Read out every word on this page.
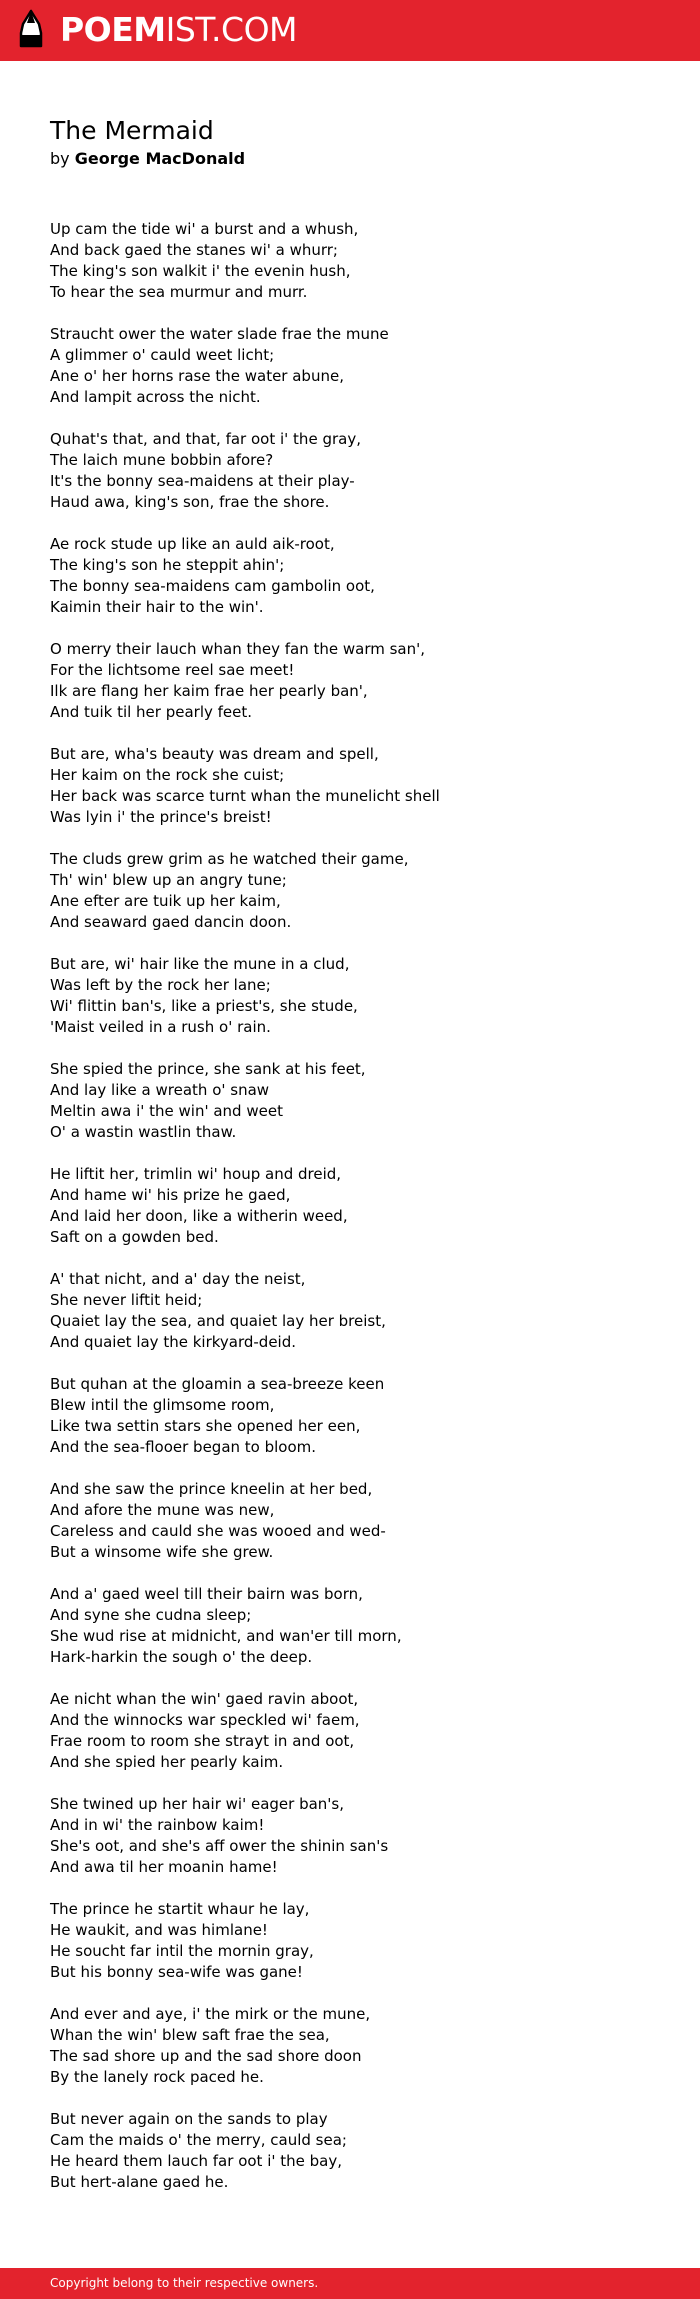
POEMIST.COM
The Mermaid
by George MacDonald
Up cam the tide wi' a burst and a whush,
And back gaed the stanes wi' a whurr;
The king's son walkit i' the evenin hush,
To hear the sea murmur and murr.
Straucht ower the water slade frae the mune
A glimmer o' cauld weet licht;
Ane o' her horns rase the water abune,
And lampit across the nicht.
Quhat's that, and that, far oot i' the gray,
The laich mune bobbin afore?
It's the bonny sea-maidens at their play-
Haud awa, king's son, frae the shore.
Ae rock stude up like an auld aik-root,
The king's son he steppit ahin';
The bonny sea-maidens cam gambolin oot,
Kaimin their hair to the win'.
O merry their lauch whan they fan the warm san',
For the lichtsome reel sae meet!
Ilk are flang her kaim frae her pearly ban',
And tuik til her pearly feet.
But are, wha's beauty was dream and spell,
Her kaim on the rock she cuist;
Her back was scarce turnt whan the munelicht shell
Was lyin i' the prince's breist!
The cluds grew grim as he watched their game,
Th' win' blew up an angry tune;
Ane efter are tuik up her kaim,
And seaward gaed dancin doon.
But are, wi' hair like the mune in a clud,
Was left by the rock her lane;
Wi' flittin ban's, like a priest's, she stude,
'Maist veiled in a rush o' rain.
She spied the prince, she sank at his feet,
And lay like a wreath o' snaw
Meltin awa i' the win' and weet
O' a wastin wastlin thaw.
He liftit her, trimlin wi' houp and dreid,
And hame wi' his prize he gaed,
And laid her doon, like a witherin weed,
Saft on a gowden bed.
A' that nicht, and a' day the neist,
She never liftit heid;
Quaiet lay the sea, and quaiet lay her breist,
And quaiet lay the kirkyard-deid.
But quhan at the gloamin a sea-breeze keen
Blew intil the glimsome room,
Like twa settin stars she opened her een,
And the sea-flooer began to bloom.
And she saw the prince kneelin at her bed,
And afore the mune was new,
Careless and cauld she was wooed and wed-
But a winsome wife she grew.
And a' gaed weel till their bairn was born,
And syne she cudna sleep;
She wud rise at midnicht, and wan'er till morn,
Hark-harkin the sough o' the deep.
Ae nicht whan the win' gaed ravin aboot,
And the winnocks war speckled wi' faem,
Frae room to room she strayt in and oot,
And she spied her pearly kaim.
She twined up her hair wi' eager ban's,
And in wi' the rainbow kaim!
She's oot, and she's aff ower the shinin san's
And awa til her moanin hame!
The prince he startit whaur he lay,
He waukit, and was himlane!
He soucht far intil the mornin gray,
But his bonny sea-wife was gane!
And ever and aye, i' the mirk or the mune,
Whan the win' blew saft frae the sea,
The sad shore up and the sad shore doon
By the lanely rock paced he.
But never again on the sands to play
Cam the maids o' the merry, cauld sea;
He heard them lauch far oot i' the bay,
But hert-alane gaed he.
Copyright belong to their respective owners.
